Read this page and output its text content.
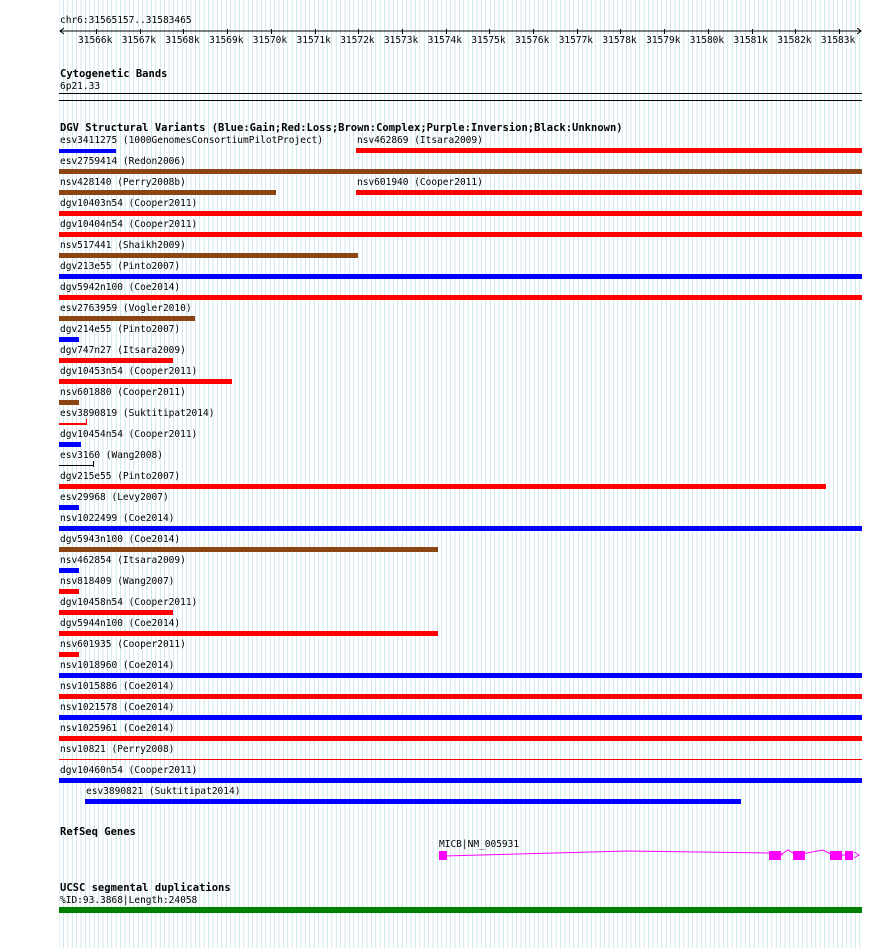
chr6:31565157..31583465
31566k 31567k 31568k 31569k 31570k 31571k 31572k 31573k 31574k 31575k 31576k 31577k 31578k 31579k 31580k 31581k 31582k 31583k
Cytogenetic Bands
6p21.33
DGV Structural Variants (Blue:Gain;Red:Loss;Brown:Complex;Purple:Inversion;Black:Unknown)
esv3411275 (1000GenomesConsortiumPilotProject)	nsv462869 (Itsara2009)
esv2759414 (Redon2006)
nsv428140 (Perry2008b)	nsv601940 (Cooper2011)
dgv10403n54 (Cooper2011)
dgv10404n54 (Cooper2011)
nsv517441 (Shaikh2009)
dgv213e55 (Pinto2007)
dgv5942n100 (Coe2014)
esv2763959 (Vogler2010)
dgv214e55 (Pinto2007)
dgv747n27 (Itsara2009)
dgv10453n54 (Cooper2011)
nsv601880 (Cooper2011)
esv3890819 (Suktitipat2014)
dgv10454n54 (Cooper2011)
esv3160 (Wang2008)
dgv215e55 (Pinto2007)
esv29968 (Levy2007)
nsv1022499 (Coe2014)
dgv5943n100 (Coe2014)
nsv462854 (Itsara2009)
nsv818409 (Wang2007)
dgv10458n54 (Cooper2011)
dgv5944n100 (Coe2014)
nsv601935 (Cooper2011)
nsv1018960 (Coe2014)
nsv1015886 (Coe2014)
nsv1021578 (Coe2014)
nsv1025961 (Coe2014)
nsv10821 (Perry2008)
dgv10460n54 (Cooper2011)
esv3890821 (Suktitipat2014)
RefSeq Genes
MICB|NM_005931
UCSC segmental duplications
%ID:93.3868|Length:24058
